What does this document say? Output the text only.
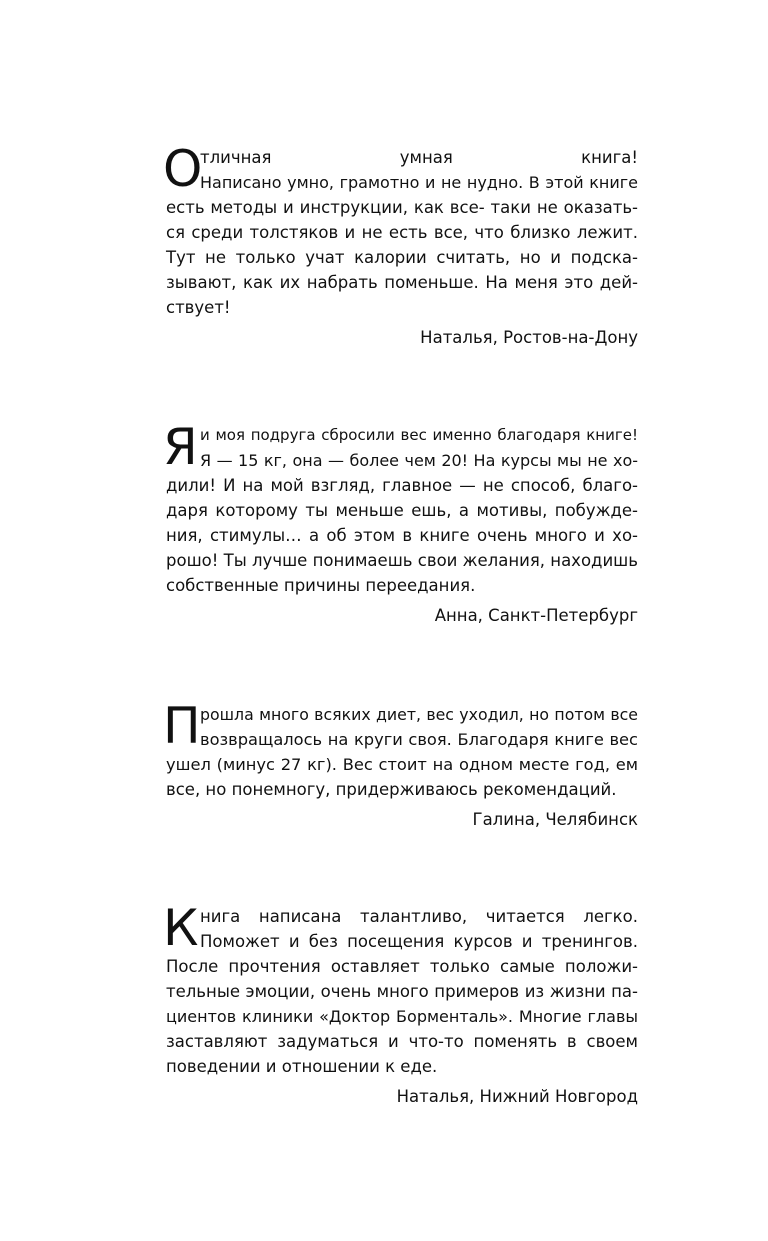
О
тличная умная книга!
Написано умно, грамотно и не нудно. В этой книге
есть методы и инструкции, как все- таки не оказать-
ся среди толстяков и не есть все, что близко лежит.
Тут не только учат калории считать, но и подска-
зывают, как их набрать поменьше. На меня это дей-
ствует!
Наталья, Ростов-на-Дону
Я и моя подруга сбросили вес именно благодаря книге!
Я — 15 кг, она — более чем 20! На курсы мы не хо-
дили! И на мой взгляд, главное — не способ, благо-
даря которому ты меньше ешь, а мотивы, побужде-
ния, стимулы… а об этом в книге очень много и хо-
рошо! Ты лучше понимаешь свои желания, находишь
собственные причины переедания.
Анна, Санкт-Петербург
П рошла много всяких диет, вес уходил, но потом все
возвращалось на круги своя. Благодаря книге вес
ушел (минус 27 кг). Вес стоит на одном месте год, ем
все, но понемногу, придерживаюсь рекомендаций.
Галина, Челябинск
К нига написана талантливо, читается легко.
Поможет и без посещения курсов и тренингов.
После прочтения оставляет только самые положи-
тельные эмоции, очень много примеров из жизни па-
циентов клиники «Доктор Борменталь». Многие главы
заставляют задуматься и что-то поменять в своем
поведении и отношении к еде.
Наталья, Нижний Новгород
